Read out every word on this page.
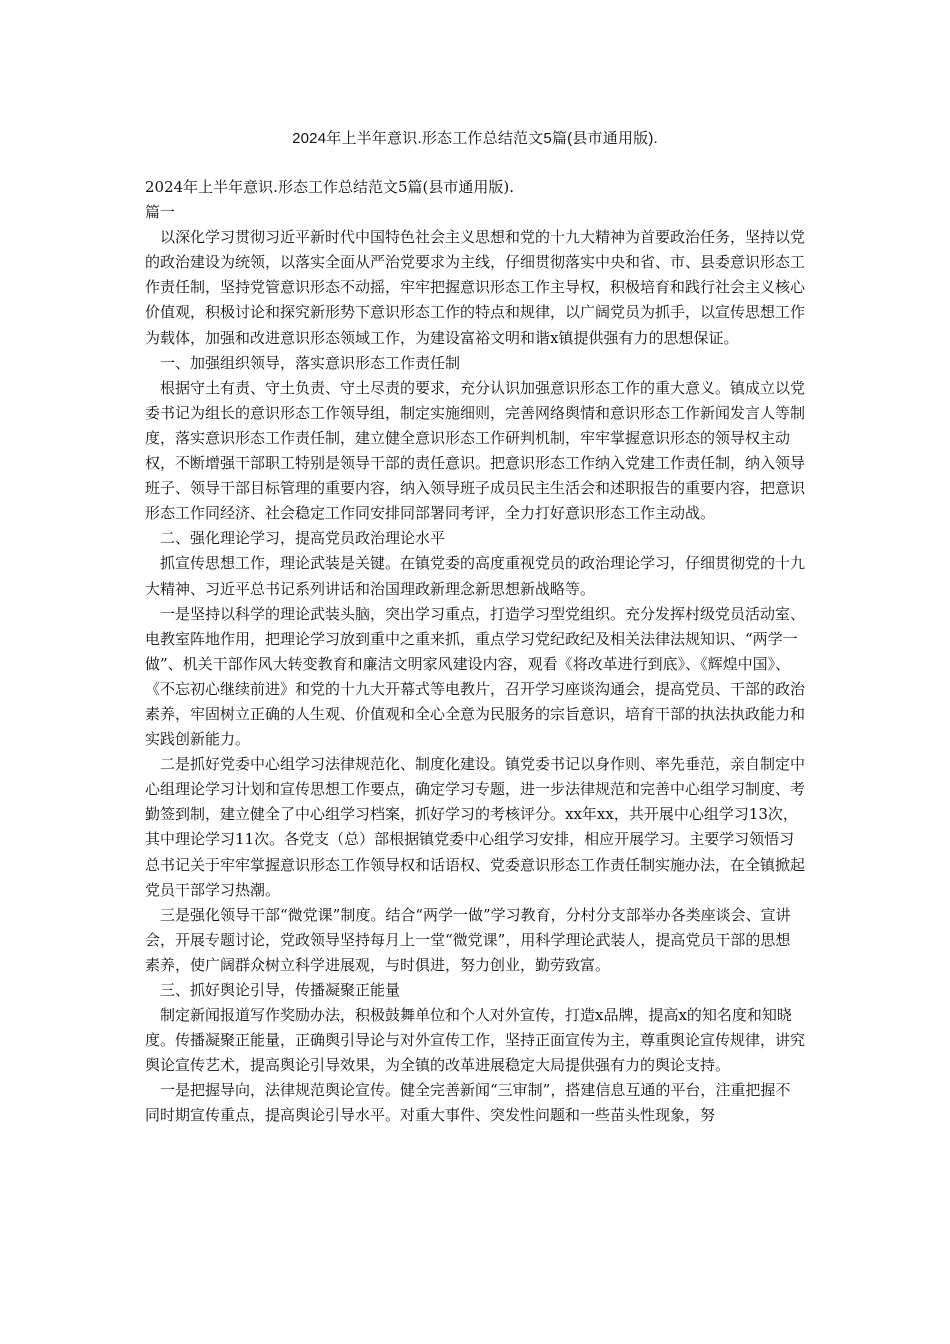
2024年上半年意识.形态工作总结范文5篇(县市通用版).

2024年上半年意识.形态工作总结范文5篇(县市通用版).

篇一

以深化学习贯彻习近平新时代中国特色社会主义思想和党的十九大精神为首要政治任务，坚持以党的政治建设为统领，以落实全面从严治党要求为主线，仔细贯彻落实中央和省、市、县委意识形态工作责任制，坚持党管意识形态不动摇，牢牢把握意识形态工作主导权，积极培育和践行社会主义核心价值观，积极讨论和探究新形势下意识形态工作的特点和规律，以广阔党员为抓手，以宣传思想工作为载体，加强和改进意识形态领域工作，为建设富裕文明和谐x镇提供强有力的思想保证。

一、加强组织领导，落实意识形态工作责任制

根据守土有责、守土负责、守土尽责的要求，充分认识加强意识形态工作的重大意义。镇成立以党委书记为组长的意识形态工作领导组，制定实施细则，完善网络舆情和意识形态工作新闻发言人等制度，落实意识形态工作责任制，建立健全意识形态工作研判机制，牢牢掌握意识形态的领导权主动权，不断增强干部职工特别是领导干部的责任意识。把意识形态工作纳入党建工作责任制，纳入领导班子、领导干部目标管理的重要内容，纳入领导班子成员民主生活会和述职报告的重要内容，把意识形态工作同经济、社会稳定工作同安排同部署同考评，全力打好意识形态工作主动战。

二、强化理论学习，提高党员政治理论水平

抓宣传思想工作，理论武装是关键。在镇党委的高度重视党员的政治理论学习，仔细贯彻党的十九大精神、习近平总书记系列讲话和治国理政新理念新思想新战略等。

一是坚持以科学的理论武装头脑，突出学习重点，打造学习型党组织。充分发挥村级党员活动室、电教室阵地作用，把理论学习放到重中之重来抓，重点学习党纪政纪及相关法律法规知识、“两学一做”、机关干部作风大转变教育和廉洁文明家风建设内容，观看《将改革进行到底》、《辉煌中国》、《不忘初心继续前进》和党的十九大开幕式等电教片，召开学习座谈沟通会，提高党员、干部的政治素养，牢固树立正确的人生观、价值观和全心全意为民服务的宗旨意识，培育干部的执法执政能力和实践创新能力。

二是抓好党委中心组学习法律规范化、制度化建设。镇党委书记以身作则、率先垂范，亲自制定中心组理论学习计划和宣传思想工作要点，确定学习专题，进一步法律规范和完善中心组学习制度、考勤签到制，建立健全了中心组学习档案，抓好学习的考核评分。xx年xx，共开展中心组学习13次，其中理论学习11次。各党支（总）部根据镇党委中心组学习安排，相应开展学习。主要学习领悟习总书记关于牢牢掌握意识形态工作领导权和话语权、党委意识形态工作责任制实施办法，在全镇掀起党员干部学习热潮。

三是强化领导干部“微党课”制度。结合“两学一做”学习教育，分村分支部举办各类座谈会、宣讲会，开展专题讨论，党政领导坚持每月上一堂“微党课”，用科学理论武装人，提高党员干部的思想素养，使广阔群众树立科学进展观，与时俱进，努力创业，勤劳致富。

三、抓好舆论引导，传播凝聚正能量

制定新闻报道写作奖励办法，积极鼓舞单位和个人对外宣传，打造x品牌，提高x的知名度和知晓度。传播凝聚正能量，正确舆引导论与对外宣传工作，坚持正面宣传为主，尊重舆论宣传规律，讲究舆论宣传艺术，提高舆论引导效果，为全镇的改革进展稳定大局提供强有力的舆论支持。

一是把握导向，法律规范舆论宣传。健全完善新闻“三审制”，搭建信息互通的平台，注重把握不同时期宣传重点，提高舆论引导水平。对重大事件、突发性问题和一些苗头性现象，努
